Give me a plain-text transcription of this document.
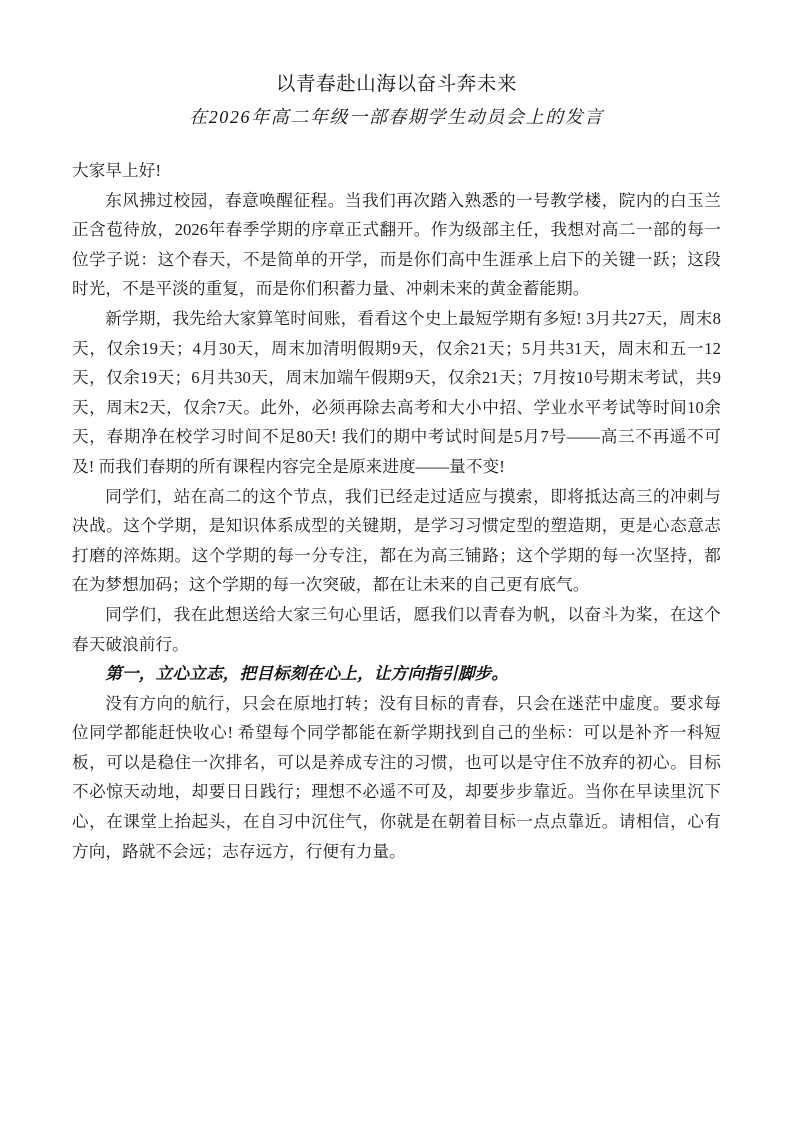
以青春赴山海以奋斗奔未来
在2026年高二年级一部春期学生动员会上的发言

大家早上好!

东风拂过校园，春意唤醒征程。当我们再次踏入熟悉的一号教学楼，院内的白玉兰正含苞待放，2026年春季学期的序章正式翻开。作为级部主任，我想对高二一部的每一位学子说：这个春天，不是简单的开学，而是你们高中生涯承上启下的关键一跃；这段时光，不是平淡的重复，而是你们积蓄力量、冲刺未来的黄金蓄能期。

新学期，我先给大家算笔时间账，看看这个史上最短学期有多短! 3月共27天，周末8天，仅余19天；4月30天，周末加清明假期9天，仅余21天；5月共31天，周末和五一12天，仅余19天；6月共30天，周末加端午假期9天，仅余21天；7月按10号期末考试，共9天，周末2天，仅余7天。此外，必须再除去高考和大小中招、学业水平考试等时间10余天，春期净在校学习时间不足80天! 我们的期中考试时间是5月7号——高三不再遥不可及! 而我们春期的所有课程内容完全是原来进度——量不变!

同学们，站在高二的这个节点，我们已经走过适应与摸索，即将抵达高三的冲刺与决战。这个学期，是知识体系成型的关键期，是学习习惯定型的塑造期，更是心态意志打磨的淬炼期。这个学期的每一分专注，都在为高三铺路；这个学期的每一次坚持，都在为梦想加码；这个学期的每一次突破，都在让未来的自己更有底气。

同学们，我在此想送给大家三句心里话，愿我们以青春为帆，以奋斗为桨，在这个春天破浪前行。

第一，立心立志，把目标刻在心上，让方向指引脚步。

没有方向的航行，只会在原地打转；没有目标的青春，只会在迷茫中虚度。要求每位同学都能赶快收心! 希望每个同学都能在新学期找到自己的坐标：可以是补齐一科短板，可以是稳住一次排名，可以是养成专注的习惯，也可以是守住不放弃的初心。目标不必惊天动地，却要日日践行；理想不必遥不可及，却要步步靠近。当你在早读里沉下心，在课堂上抬起头，在自习中沉住气，你就是在朝着目标一点点靠近。请相信，心有方向，路就不会远；志存远方，行便有力量。
